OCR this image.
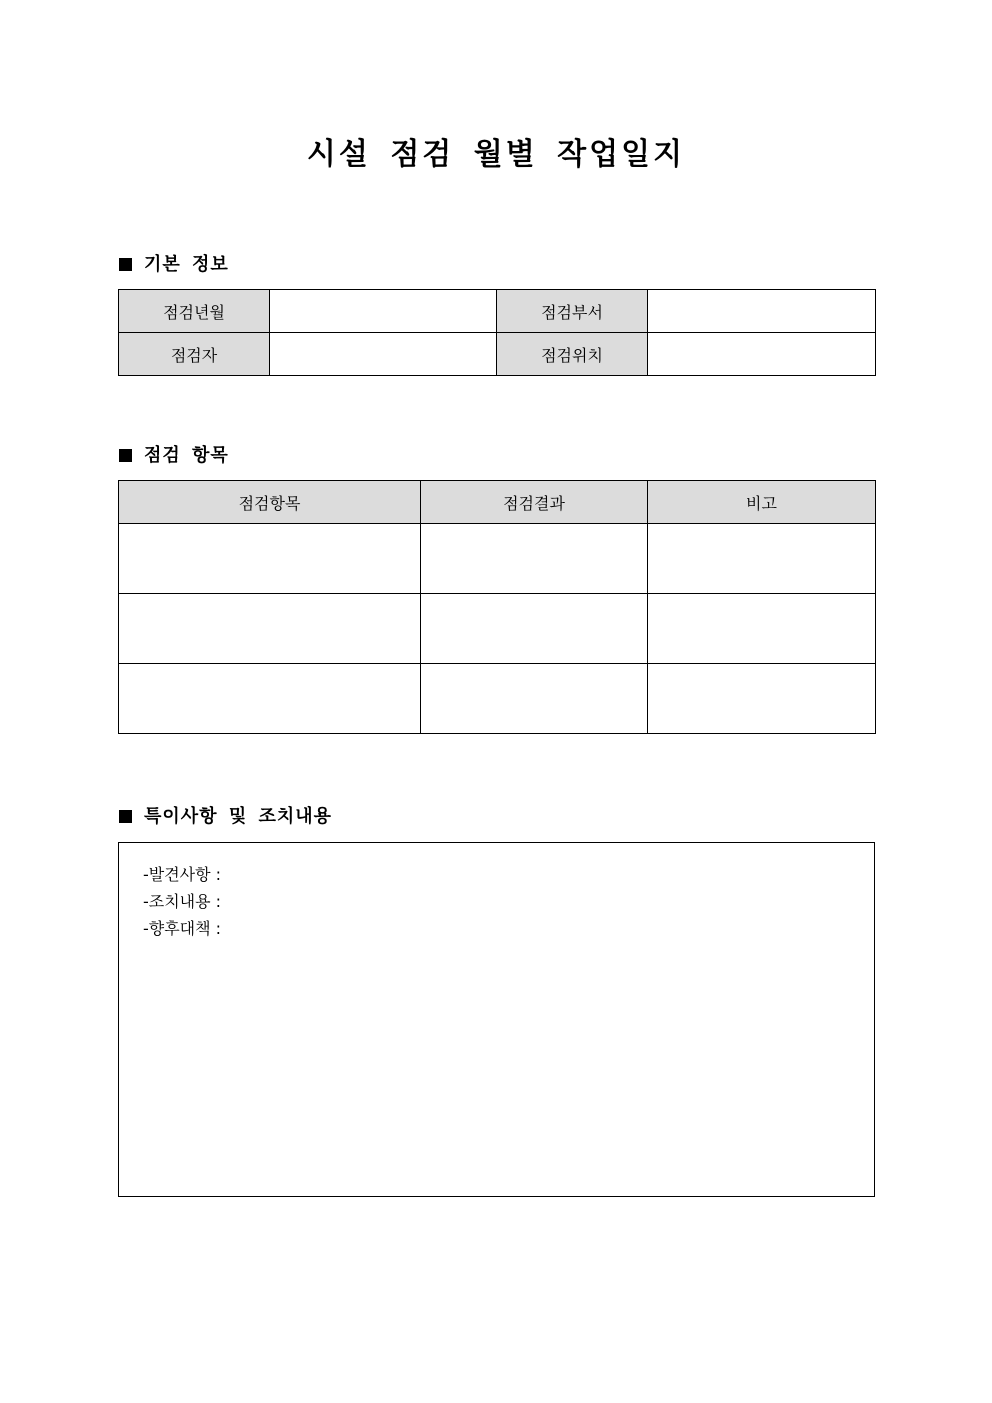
시설 점검 월별 작업일지
기본 정보
점검년월		점검부서	
점검자		점검위치	
점검 항목
점검항목	점검결과	비고

특이사항 및 조치내용
-발견사항 :
-조치내용 :
-향후대책 :
